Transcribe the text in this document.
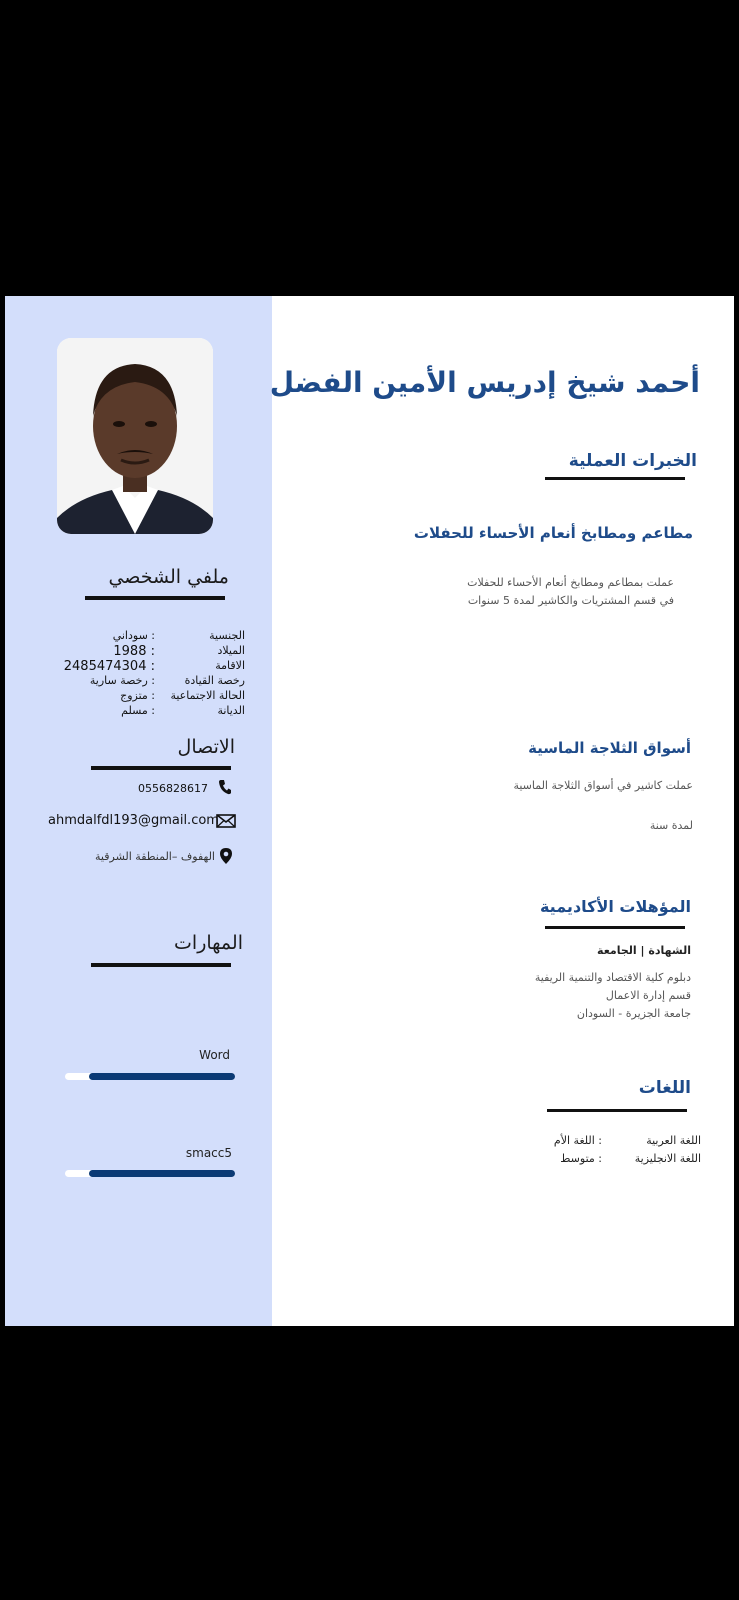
ملفي الشخصي
الجنسية
: سوداني
الميلاد
1988 :
الاقامة
2485474304 :
رخصة القيادة
: رخصة سارية
الحالة الاجتماعية
: متزوج
الديانة
: مسلم
الاتصال
0556828617
ahmdalfdl193@gmail.com
الهفوف –المنطقة الشرقية
المهارات
Word
smacc5
أحمد شيخ إدريس الأمين الفضل
الخبرات العملية
مطاعم ومطابخ أنعام الأحساء للحفلات
عملت بمطاعم ومطابخ أنعام الأحساء للحفلات
في قسم المشتريات والكاشير لمدة 5 سنوات
أسواق الثلاجة الماسية
عملت كاشير في أسواق الثلاجة الماسية
لمدة سنة
المؤهلات الأكاديمية
الشهادة | الجامعة
دبلوم كلية الاقتصاد والتنمية الريفية
قسم إدارة الاعمال
جامعة الجزيرة - السودان
اللغات
اللغة العربية
: اللغة الأم
اللغة الانجليزية
: متوسط
